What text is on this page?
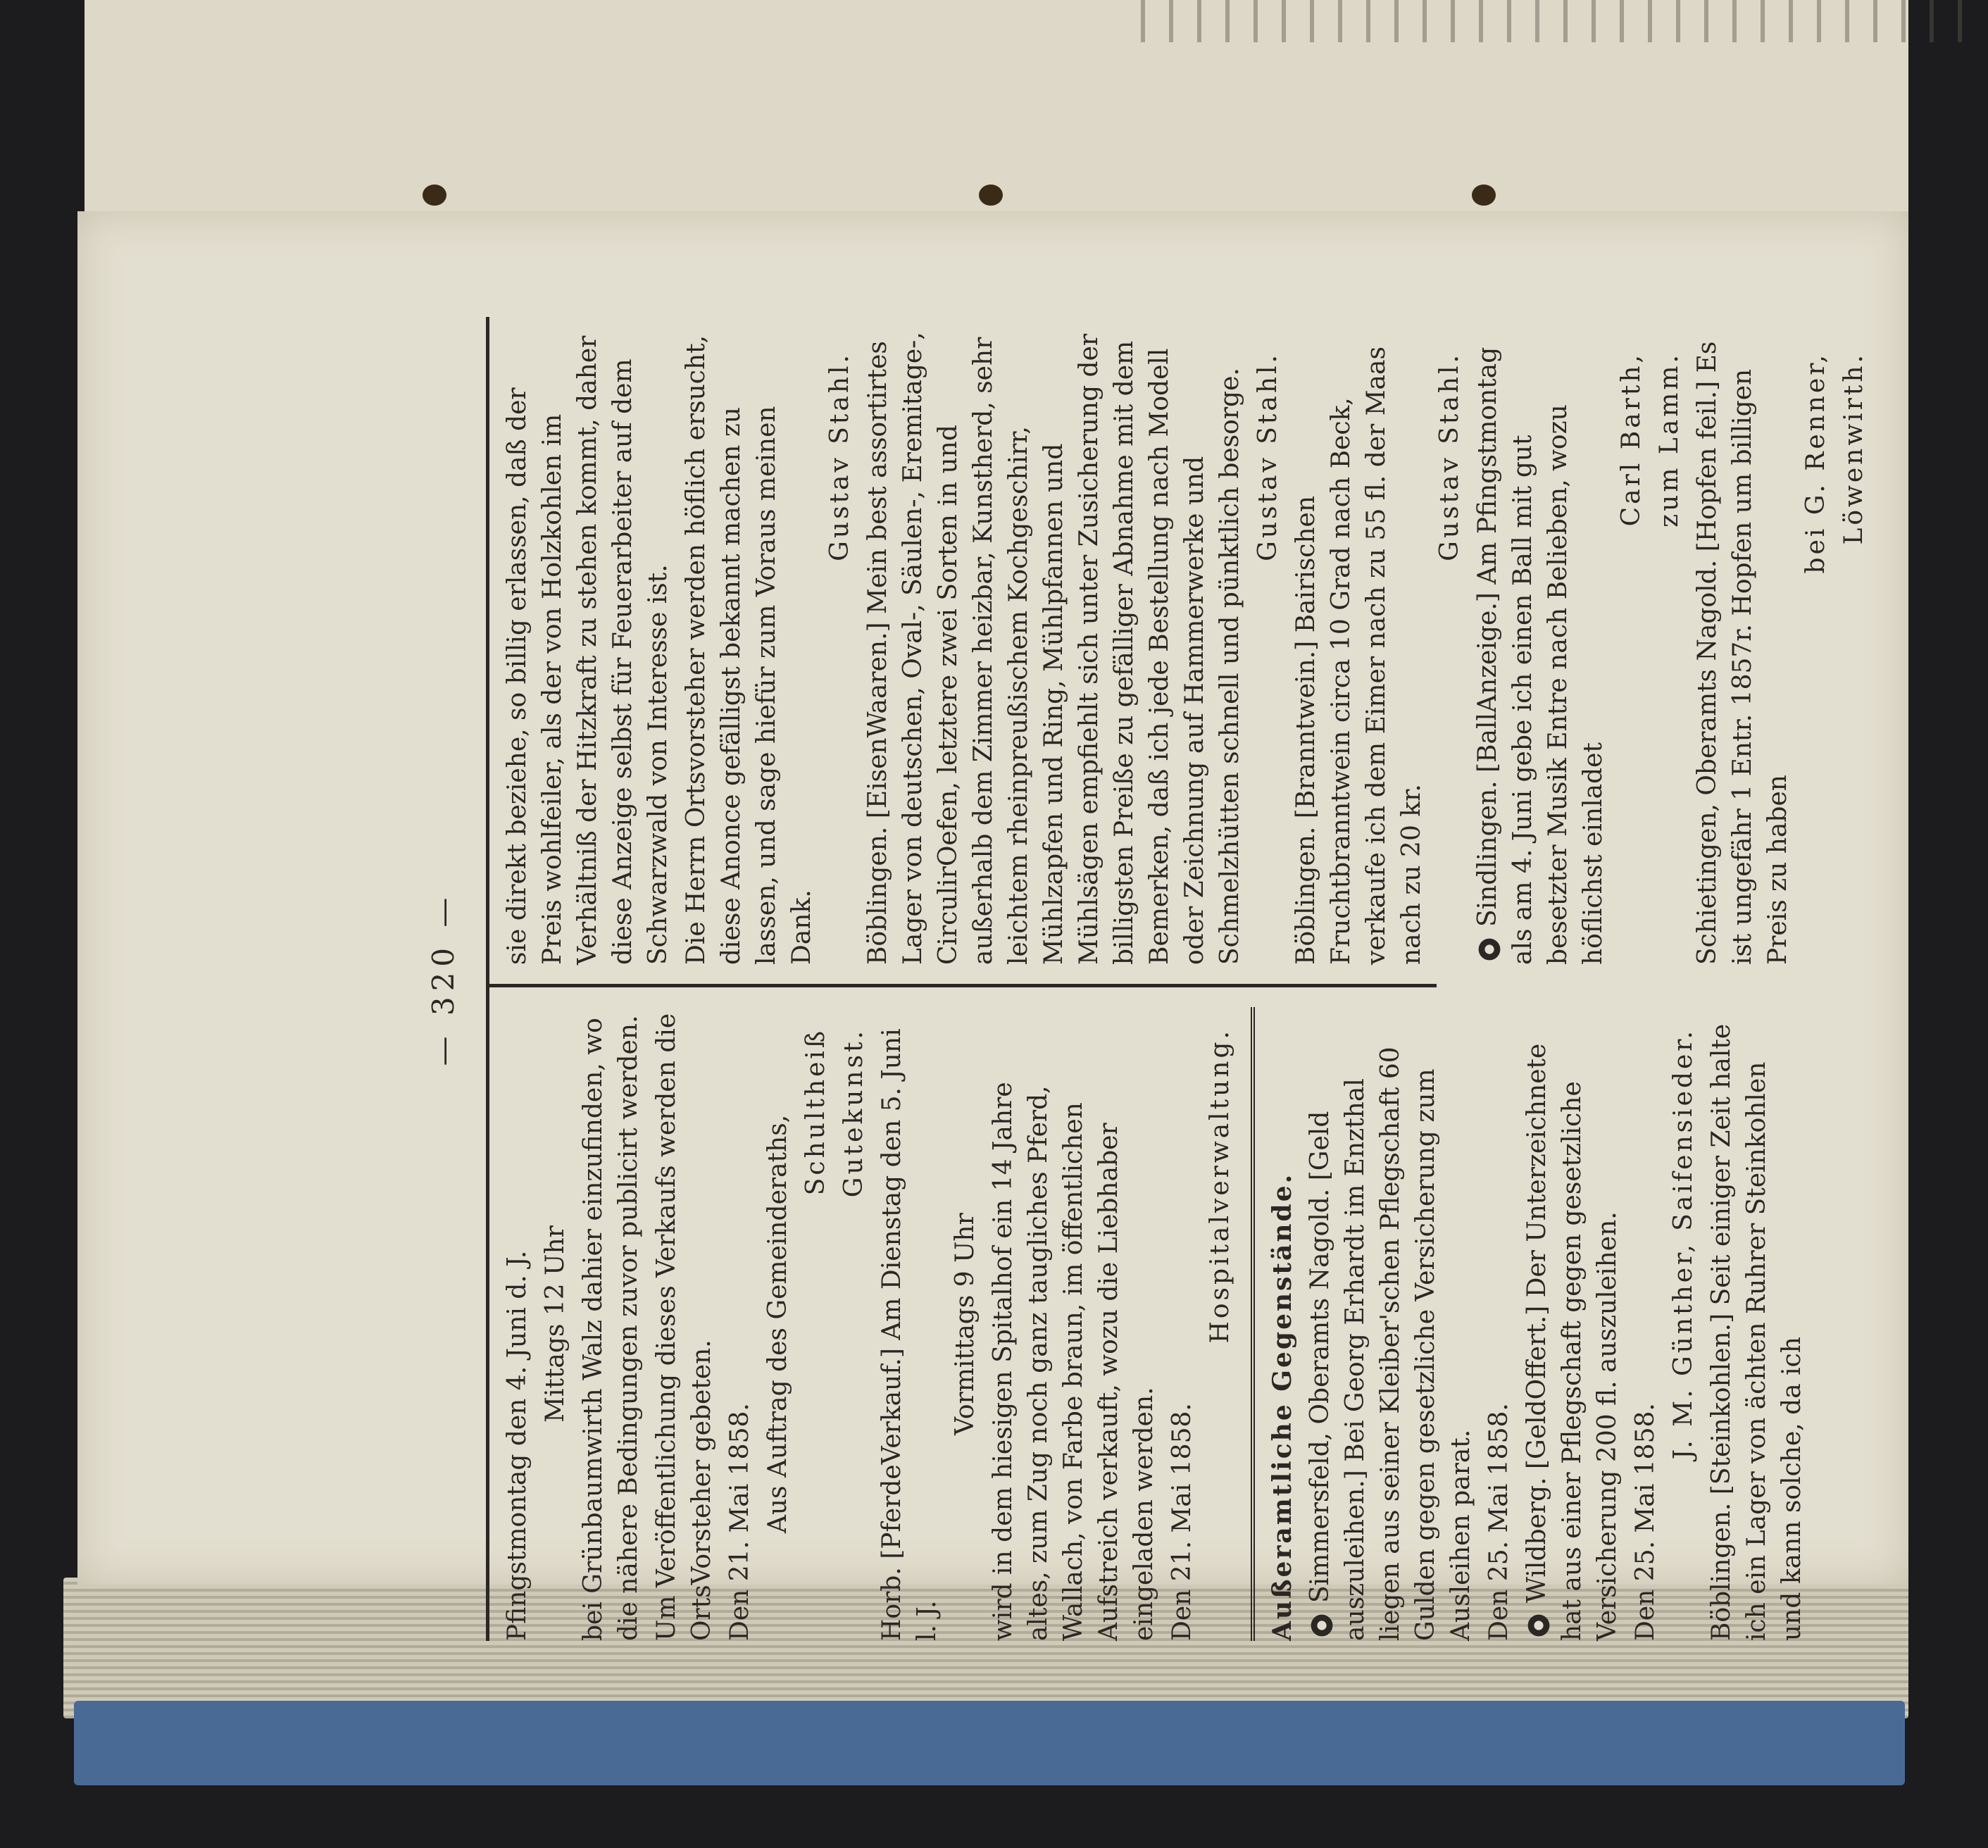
— 320 —
Pfingstmontag den 4. Juni d. J. Mittags 12 Uhr bei Grünbaumwirth Walz dahier einzufinden, wo die nähere Bedingungen zuvor publicirt werden. Um Veröffentlichung dieses Verkaufs werden die OrtsVorsteher gebeten. Den 21. Mai 1858. Aus Auftrag des Gemeinderaths,
Schultheiß Gutekunst. Horb. [PferdeVerkauf.] Am Dienstag den 5. Juni l. J.
Vormittags 9 Uhr wird in dem hiesigen Spitalhof ein 14 Jahre altes, zum Zug noch ganz taugliches Pferd, Wallach, von Farbe braun, im öffentlichen Aufstreich verkauft, wozu die Liebhaber eingeladen werden. Den 21. Mai 1858.
Hospitalverwaltung. Außeramtliche Gegenstände. Simmersfeld, Oberamts Nagold. [Geld auszuleihen.] Bei Georg Erhardt im Enzthal liegen aus seiner Kleiber'schen Pflegschaft 60 Gulden gegen gesetzliche Versicherung zum Ausleihen parat. Den 25. Mai 1858. Wildberg. [GeldOffert.] Der Unterzeichnete hat aus einer Pflegschaft gegen gesetzliche Versicherung 200 fl. auszuleihen. Den 25. Mai 1858.
J. M. Günther, Saifensieder. Böblingen. [Steinkohlen.] Seit einiger Zeit halte ich ein Lager von ächten Ruhrer Steinkohlen und kann solche, da ich
sie direkt beziehe, so billig erlassen, daß der Preis wohlfeiler, als der von Holzkohlen im Verhältniß der Hitzkraft zu stehen kommt, daher diese Anzeige selbst für Feuerarbeiter auf dem Schwarzwald von Interesse ist. Die Herrn Ortsvorsteher werden höflich ersucht, diese Anonce gefälligst bekannt machen zu lassen, und sage hiefür zum Voraus meinen Dank.
Gustav Stahl. Böblingen. [EisenWaaren.] Mein best assortirtes Lager von deutschen, Oval-, Säulen-, Eremitage-, CirculirOefen, letztere zwei Sorten in und außerhalb dem Zimmer heizbar, Kunstherd, sehr leichtem rheinpreußischem Kochgeschirr, Mühlzapfen und Ring, Mühlpfannen und Mühlsägen empfiehlt sich unter Zusicherung der billigsten Preiße zu gefälliger Abnahme mit dem Bemerken, daß ich jede Bestellung nach Modell oder Zeichnung auf Hammerwerke und Schmelzhütten schnell und pünktlich besorge. Gustav Stahl.
Böblingen. [Branntwein.] Bairischen Fruchtbranntwein circa 10 Grad nach Beck, verkaufe ich dem Eimer nach zu 55 fl. der Maas nach zu 20 kr.
Gustav Stahl. Sindlingen. [BallAnzeige.] Am Pfingstmontag als am 4. Juni gebe ich einen Ball mit gut besetzter Musik Entre nach Belieben, wozu höflichst einladet
Carl Barth, zum Lamm. Schietingen, Oberamts Nagold. [Hopfen feil.] Es ist ungefähr 1 Entr. 1857r. Hopfen um billigen Preis zu haben
bei G. Renner, Löwenwirth.
